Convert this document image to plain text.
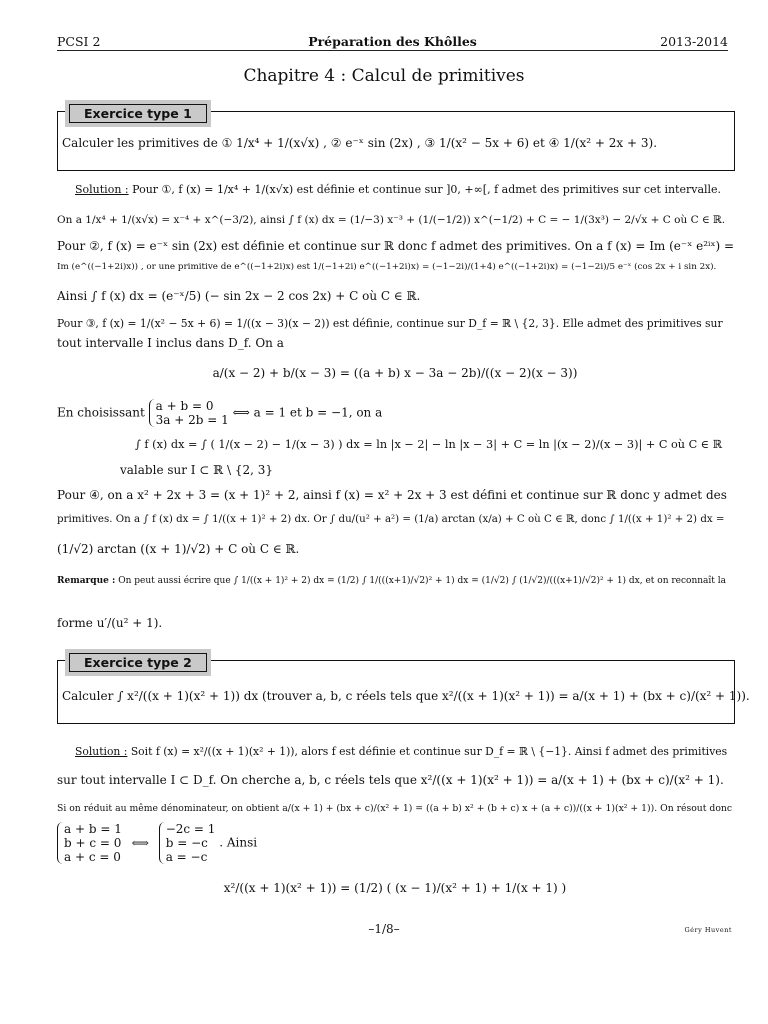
PCSI 2	Préparation des Khôlles	2013-2014
Chapitre 4 : Calcul de primitives
Exercice type 1
Calculer les primitives de ① 1/x⁴ + 1/(x√x) , ② e⁻ˣ sin (2x) , ③ 1/(x² − 5x + 6) et ④ 1/(x² + 2x + 3).
Solution : Pour ①, f (x) = 1/x⁴ + 1/(x√x) est définie et continue sur ]0, +∞[, f admet des primitives sur cet intervalle.
On a 1/x⁴ + 1/(x√x) = x⁻⁴ + x^(−3/2), ainsi ∫ f (x) dx = (1/−3) x⁻³ + (1/(−1/2)) x^(−1/2) + C = − 1/(3x³) − 2/√x + C où C ∈ ℝ.
Pour ②, f (x) = e⁻ˣ sin (2x) est définie et continue sur ℝ donc f admet des primitives. On a f (x) = Im (e⁻ˣ e²ⁱˣ) =
Im (e^((−1+2i)x)) , or une primitive de e^((−1+2i)x) est 1/(−1+2i) e^((−1+2i)x) = (−1−2i)/(1+4) e^((−1+2i)x) = (−1−2i)/5 e⁻ˣ (cos 2x + i sin 2x).
Ainsi ∫ f (x) dx = (e⁻ˣ/5) (− sin 2x − 2 cos 2x) + C où C ∈ ℝ.
Pour ③, f (x) = 1/(x² − 5x + 6) = 1/((x − 3)(x − 2)) est définie, continue sur D_f = ℝ \ {2, 3}. Elle admet des primitives sur
tout intervalle I inclus dans D_f. On a
a/(x − 2) + b/(x − 3) = ((a + b) x − 3a − 2b)/((x − 2)(x − 3))
En choisissant a + b = 0
3a + 2b = 1
⟺ a = 1 et b = −1, on a
∫ f (x) dx = ∫ ( 1/(x − 2) − 1/(x − 3) ) dx = ln |x − 2| − ln |x − 3| + C = ln |(x − 2)/(x − 3)| + C où C ∈ ℝ
valable sur I ⊂ ℝ \ {2, 3}
Pour ④, on a x² + 2x + 3 = (x + 1)² + 2, ainsi f (x) = x² + 2x + 3 est défini et continue sur ℝ donc y admet des
primitives. On a ∫ f (x) dx = ∫ 1/((x + 1)² + 2) dx. Or ∫ du/(u² + a²) = (1/a) arctan (x/a) + C où C ∈ ℝ, donc ∫ 1/((x + 1)² + 2) dx =
(1/√2) arctan ((x + 1)/√2) + C où C ∈ ℝ.
Remarque : On peut aussi écrire que ∫ 1/((x + 1)² + 2) dx = (1/2) ∫ 1/(((x+1)/√2)² + 1) dx = (1/√2) ∫ (1/√2)/(((x+1)/√2)² + 1) dx, et on reconnaît la
forme u′/(u² + 1).
Exercice type 2
Calculer ∫ x²/((x + 1)(x² + 1)) dx (trouver a, b, c réels tels que x²/((x + 1)(x² + 1)) = a/(x + 1) + (bx + c)/(x² + 1)).
Solution : Soit f (x) = x²/((x + 1)(x² + 1)), alors f est définie et continue sur D_f = ℝ \ {−1}. Ainsi f admet des primitives
sur tout intervalle I ⊂ D_f. On cherche a, b, c réels tels que x²/((x + 1)(x² + 1)) = a/(x + 1) + (bx + c)/(x² + 1).
Si on réduit au même dénominateur, on obtient a/(x + 1) + (bx + c)/(x² + 1) = ((a + b) x² + (b + c) x + (a + c))/((x + 1)(x² + 1)). On résout donc
a + b = 1
b + c = 0
a + c = 0
⟺
−2c = 1
b = −c
a = −c
. Ainsi
x²/((x + 1)(x² + 1)) = (1/2) ( (x − 1)/(x² + 1) + 1/(x + 1) )
–1/8–	Géry Huvent
